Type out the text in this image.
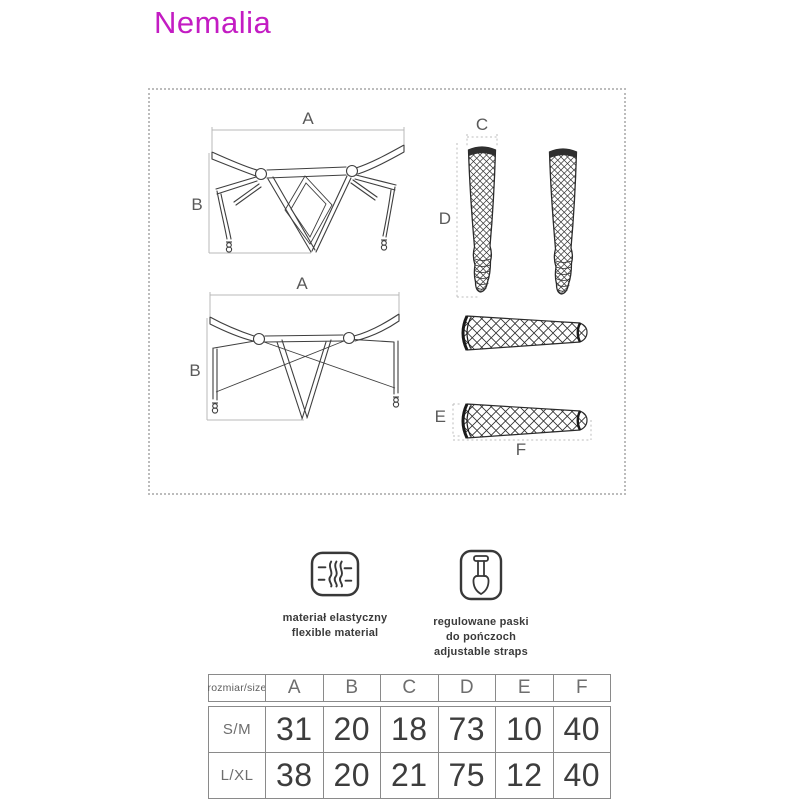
Nemalia
A
B
A
B
C
D
E
F
materiał elastyczny
flexible material
regulowane paski
do pończoch
adjustable straps
rozmiar/size	A	B	C	D	E	F
S/M 31 20 18 73 10 40
L/XL 38 20 21 75 12 40
